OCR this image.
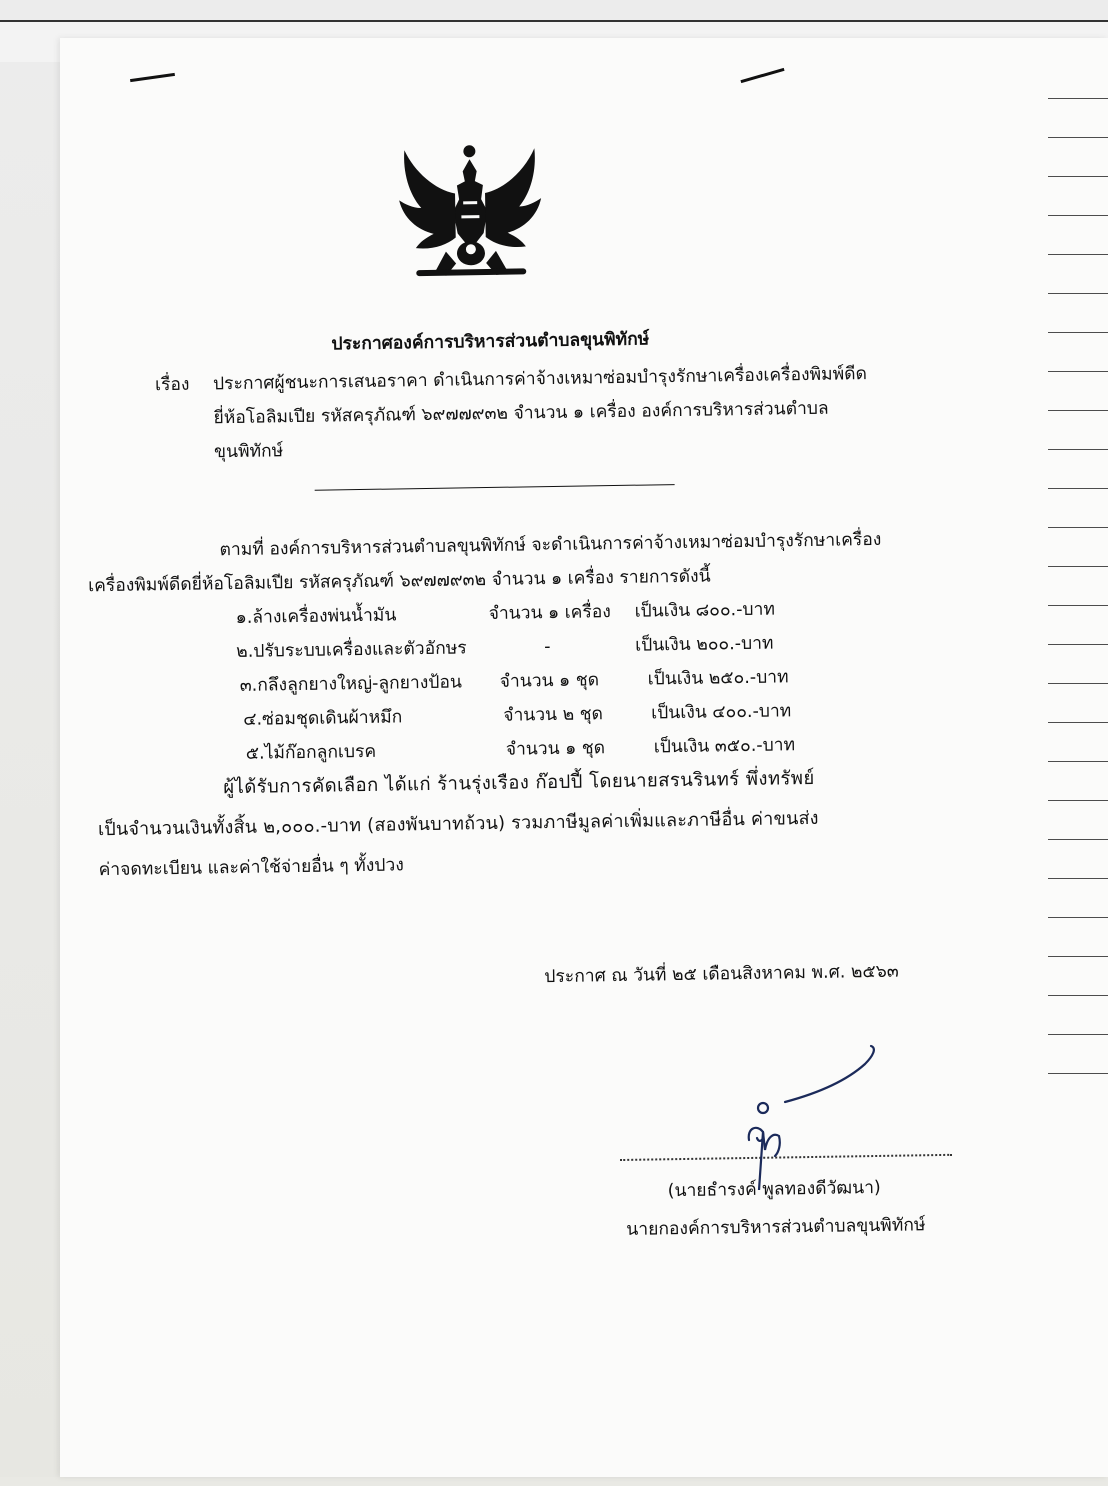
ประกาศองค์การบริหารส่วนตำบลขุนพิทักษ์
เรื่อง ประกาศผู้ชนะการเสนอราคา ดำเนินการค่าจ้างเหมาซ่อมบำรุงรักษาเครื่องเครื่องพิมพ์ดีด
ยี่ห้อโอลิมเปีย รหัสครุภัณฑ์ ๖๙๗๗๙๓๒ จำนวน ๑ เครื่อง องค์การบริหารส่วนตำบล
ขุนพิทักษ์
ตามที่ องค์การบริหารส่วนตำบลขุนพิทักษ์ จะดำเนินการค่าจ้างเหมาซ่อมบำรุงรักษาเครื่อง
เครื่องพิมพ์ดีดยี่ห้อโอลิมเปีย รหัสครุภัณฑ์ ๖๙๗๗๙๓๒ จำนวน ๑ เครื่อง รายการดังนี้
๑.ล้างเครื่องพ่นน้ำมัน	จำนวน ๑ เครื่อง เป็นเงิน ๘๐๐.-บาท
๒.ปรับระบบเครื่องและตัวอักษร	-	เป็นเงิน ๒๐๐.-บาท
๓.กลึงลูกยางใหญ่-ลูกยางป้อน จำนวน ๑ ชุด	เป็นเงิน ๒๕๐.-บาท
๔.ซ่อมชุดเดินผ้าหมึก	จำนวน ๒ ชุด	เป็นเงิน ๔๐๐.-บาท
๕.ไม้ก๊อกลูกเบรค	จำนวน ๑ ชุด	เป็นเงิน ๓๕๐.-บาท
ผู้ได้รับการคัดเลือก ได้แก่ ร้านรุ่งเรือง ก๊อปปี้ โดยนายสรนรินทร์ พึ่งทรัพย์
เป็นจำนวนเงินทั้งสิ้น ๒,๐๐๐.-บาท (สองพันบาทถ้วน) รวมภาษีมูลค่าเพิ่มและภาษีอื่น ค่าขนส่ง
ค่าจดทะเบียน และค่าใช้จ่ายอื่น ๆ ทั้งปวง
ประกาศ ณ วันที่ ๒๕ เดือนสิงหาคม พ.ศ. ๒๕๖๓
(นายธำรงค์ พูลทองดีวัฒนา)
นายกองค์การบริหารส่วนตำบลขุนพิทักษ์
